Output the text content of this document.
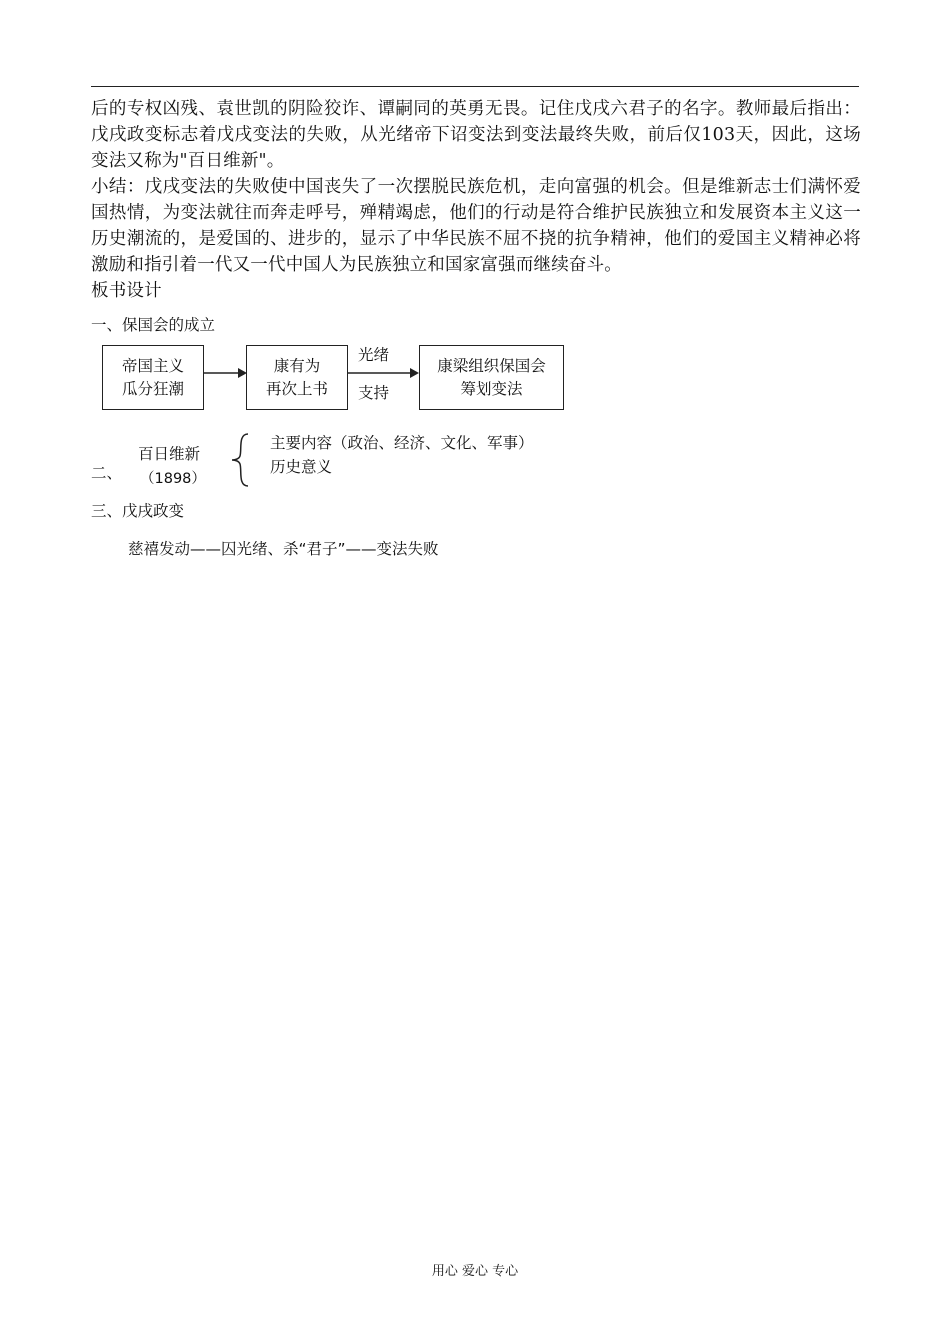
后的专权凶残、袁世凯的阴险狡诈、谭嗣同的英勇无畏。记住戊戌六君子的名字。教师最后指出：戊戌政变标志着戊戌变法的失败，从光绪帝下诏变法到变法最终失败，前后仅103天，因此，这场变法又称为"百日维新"。

小结：戊戌变法的失败使中国丧失了一次摆脱民族危机，走向富强的机会。但是维新志士们满怀爱国热情，为变法就往而奔走呼号，殚精竭虑，他们的行动是符合维护民族独立和发展资本主义这一历史潮流的，是爱国的、进步的，显示了中华民族不屈不挠的抗争精神，他们的爱国主义精神必将激励和指引着一代又一代中国人为民族独立和国家富强而继续奋斗。

板书设计

一、保国会的成立
帝国主义
瓜分狂潮
康有为
再次上书
光绪
支持
康梁组织保国会
筹划变法
二、
百日维新
（1898）
主要内容（政治、经济、文化、军事）
历史意义
三、戊戌政变
慈禧发动——囚光绪、杀“君子”——变法失败
用心 爱心 专心
